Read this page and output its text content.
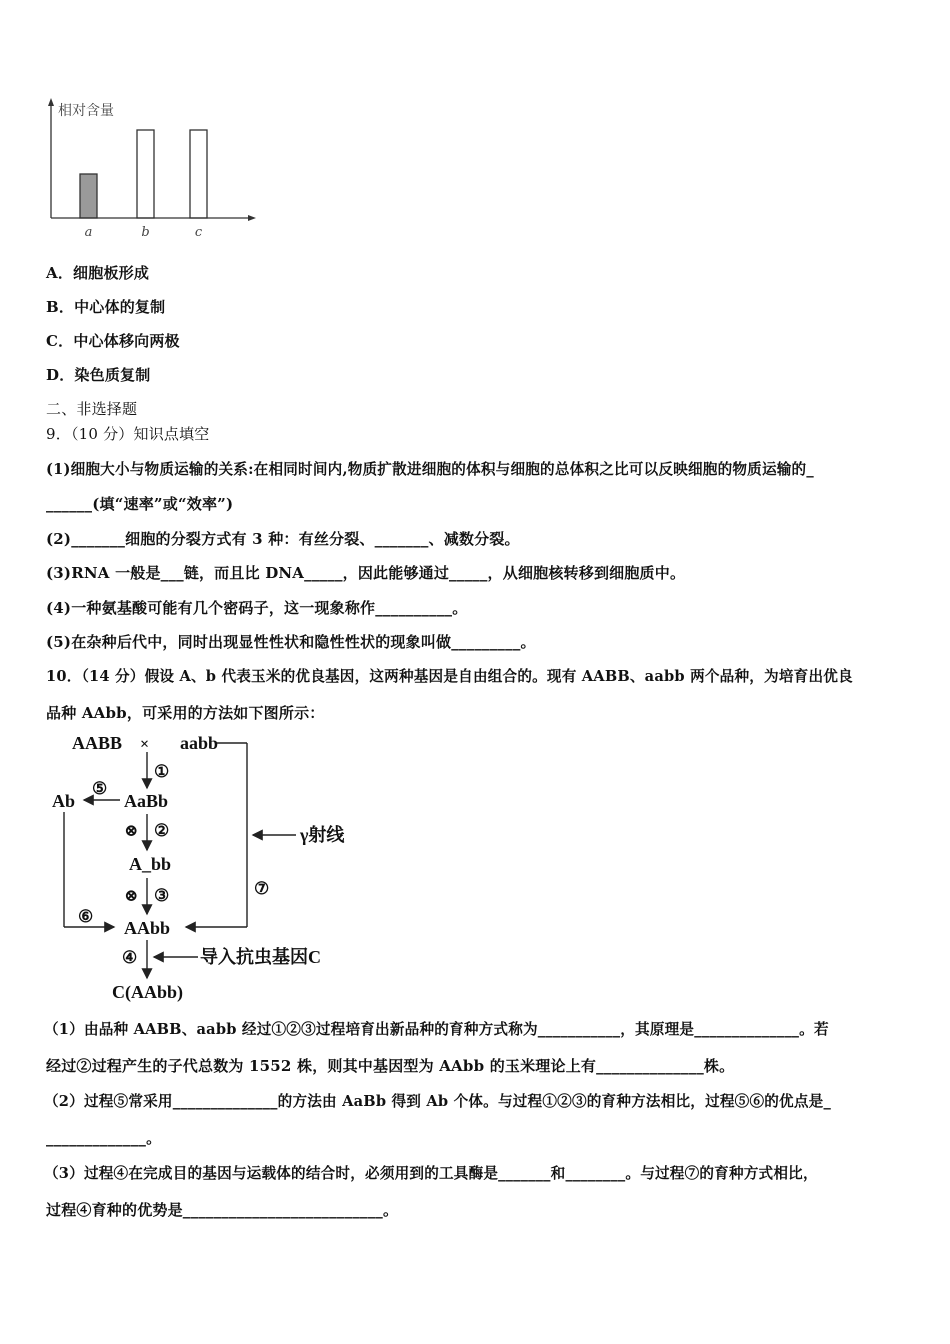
a	b	c
相对含量
A．细胞板形成
B．中心体的复制
C．中心体移向两极
D．染色质复制
二、非选择题
9．（10 分）知识点填空
(1)细胞大小与物质运输的关系:在相同时间内,物质扩散进细胞的体积与细胞的总体积之比可以反映细胞的物质运输的_
______(填“速率”或“效率”)
(2)_______细胞的分裂方式有 3 种：有丝分裂、_______、减数分裂。
(3)RNA 一般是___链，而且比 DNA_____，因此能够通过_____，从细胞核转移到细胞质中。
(4)一种氨基酸可能有几个密码子，这一现象称作__________。
(5)在杂种后代中，同时出现显性性状和隐性性状的现象叫做_________。
10．（14 分）假设 A、b 代表玉米的优良基因，这两种基因是自由组合的。现有 AABB、aabb 两个品种，为培育出优良
品种 AAbb，可采用的方法如下图所示：
AABB × aabb
AaBb
Ab
A_bb
AAbb
C(AAbb)
γ射线
导入抗虫基因C
①
②
③
④
⑤
⑥
⑦
⊗
⊗
（1）由品种 AABB、aabb 经过①②③过程培育出新品种的育种方式称为___________，其原理是______________。若
经过②过程产生的子代总数为 1552 株，则其中基因型为 AAbb 的玉米理论上有______________株。
（2）过程⑤常采用______________的方法由 AaBb 得到 Ab 个体。与过程①②③的育种方法相比，过程⑤⑥的优点是_
_____________。
（3）过程④在完成目的基因与运载体的结合时，必须用到的工具酶是_______和________。与过程⑦的育种方式相比，
过程④育种的优势是__________________________。
